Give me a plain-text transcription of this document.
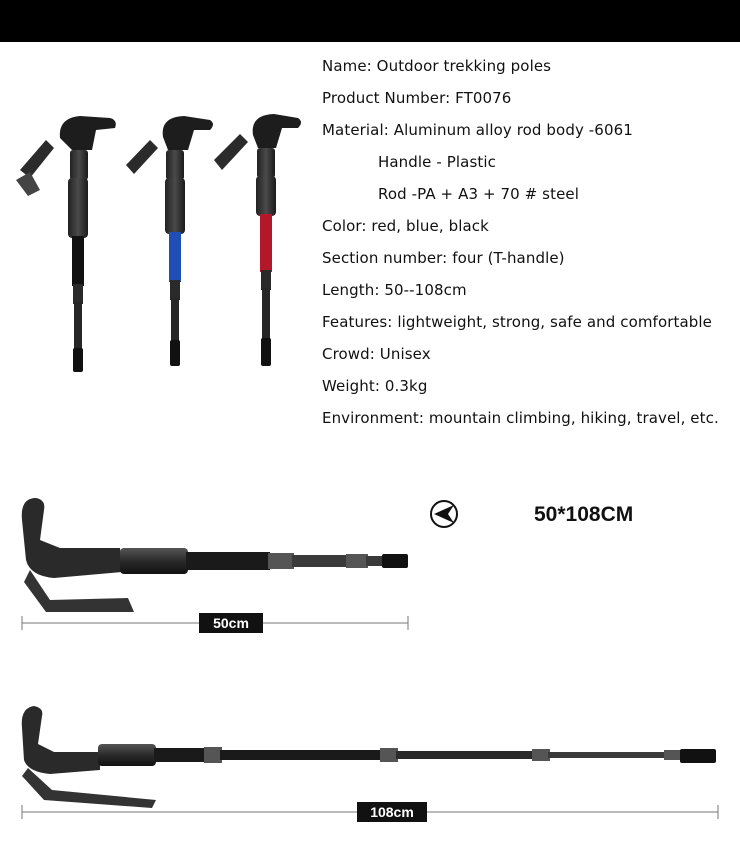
Name: Outdoor trekking poles
Product Number: FT0076
Material: Aluminum alloy rod body -6061
Handle - Plastic
Rod -PA + A3 + 70 # steel
Color: red, blue, black
Section number: four (T-handle)
Length: 50--108cm
Features: lightweight, strong, safe and comfortable
Crowd: Unisex
Weight: 0.3kg
Environment: mountain climbing, hiking, travel, etc.
50*108CM
50cm
108cm
